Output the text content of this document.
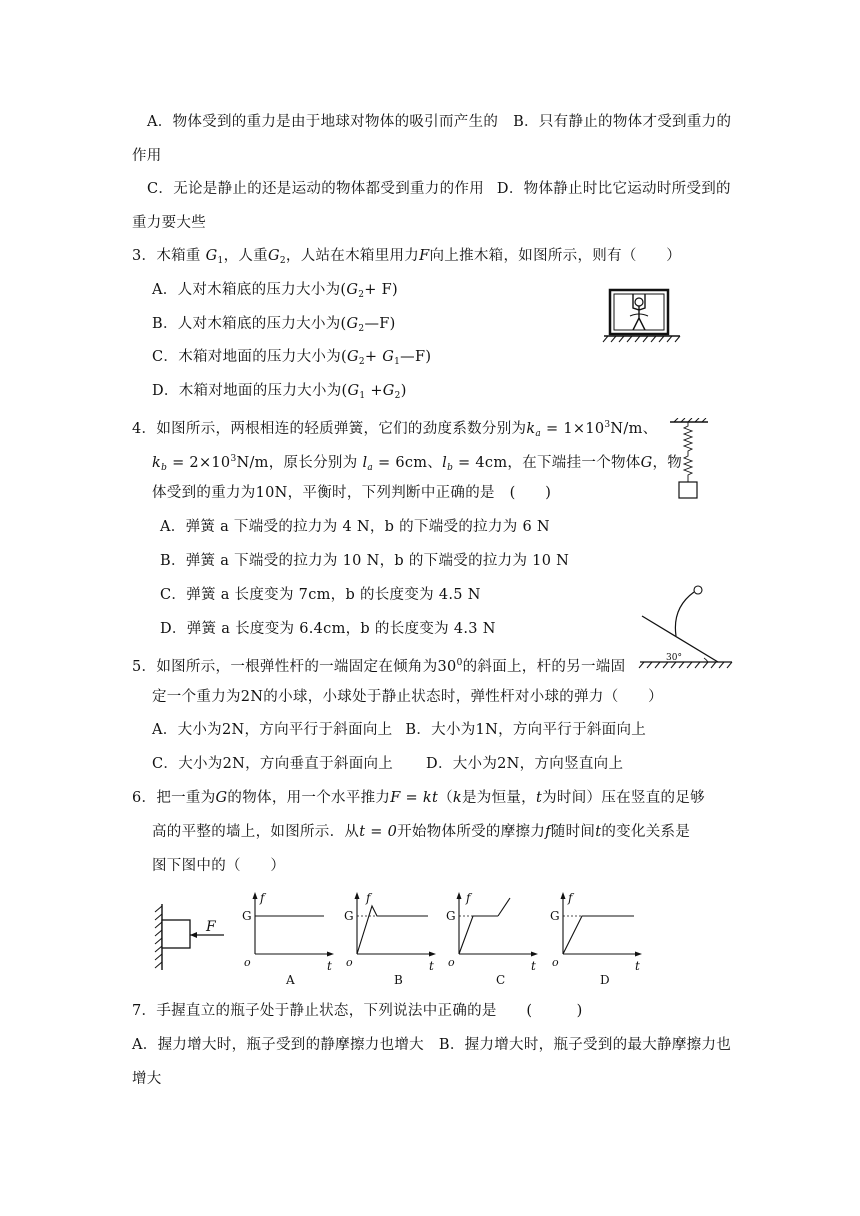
A．物体受到的重力是由于地球对物体的吸引而产生的 B．只有静止的物体才受到重力的
作用
C．无论是静止的还是运动的物体都受到重力的作用 D．物体静止时比它运动时所受到的
重力要大些
3．木箱重 $G_1$，人重$G_2$，人站在木箱里用力F向上推木箱，如图所示，则有（　　）
A．人对木箱底的压力大小为$(G_2+ F)$
B．人对木箱底的压力大小为$(G_2—F)$
C．木箱对地面的压力大小为($G_2+$ $G_1—F$)
D．木箱对地面的压力大小为$(G_1 +G_2)$
4．如图所示，两根相连的轻质弹簧，它们的劲度系数分别为$k_a = 1\times 10^3N/m$、
$k_b = 2\times 10^3N/m$，原长分别为 $l_a = 6cm$、$l_b = 4cm$，在下端挂一个物体G，物
体受到的重力为10N，平衡时，下列判断中正确的是　(　　)
A．弹簧 a 下端受的拉力为 4 N，b 的下端受的拉力为 6 N
B．弹簧 a 下端受的拉力为 10 N，b 的下端受的拉力为 10 N
C．弹簧 a 长度变为 7cm，b 的长度变为 4.5 N
D．弹簧 a 长度变为 6.4cm，b 的长度变为 4.3 N
5．如图所示，一根弹性杆的一端固定在倾角为$30^0$的斜面上，杆的另一端固
定一个重力为2N的小球，小球处于静止状态时，弹性杆对小球的弹力（　　）
A．大小为2N，方向平行于斜面向上 B．大小为1N，方向平行于斜面向上
C．大小为2N，方向垂直于斜面向上 D．大小为2N，方向竖直向上
30°
6．把一重为G的物体，用一个水平推力F = kt（k是为恒量，t为时间）压在竖直的足够
高的平整的墙上，如图所示．从t = 0开始物体所受的摩擦力f随时间t的变化关系是
图下图中的（　　）
F
f
G
o	t
A
f
G
o	t
B
f
G
o	t
C
f
G
o	t
D
7．手握直立的瓶子处于静止状态，下列说法中正确的是　　(　　　)
A．握力增大时，瓶子受到的静摩擦力也增大 B．握力增大时，瓶子受到的最大静摩擦力也
增大
